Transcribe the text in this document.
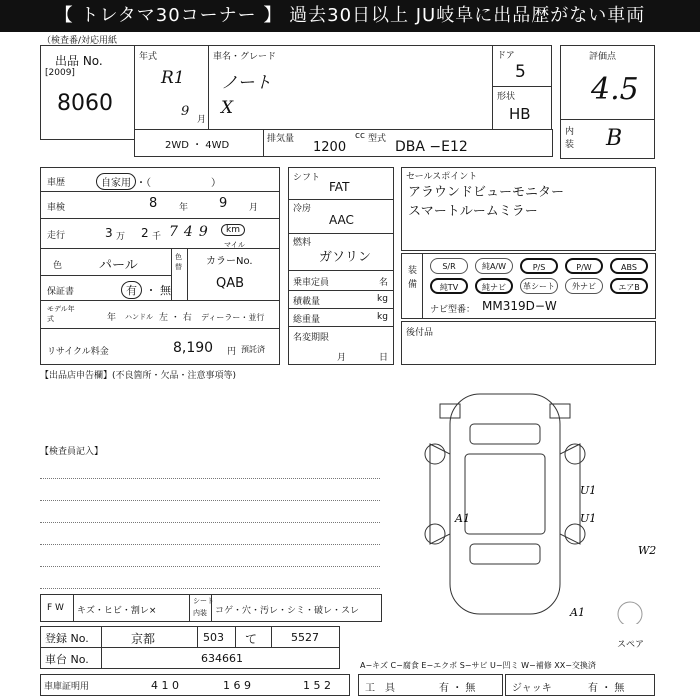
【 トレタマ30コーナー 】 過去30日以上 JU岐阜に出品歴がない車両
（検査番/対応用紙
出品 No.
[2009]
8060
年式
R1
9
月
車名・グレード
ノート
X
ドア
5
形状
HB
評価点
4.5
内装 B
2WD ・ 4WD
排気量
1200
cc 型式 DBA −E12
車歴	自家用 ・（　　　　　　）
車検	8 年 9 月
走行	3 万 2 千 749	km
マイル
色	パール
色替 カラーNo.
QAB
保証書	有 ・ 無
モデル年式	年 ハンドル 左 ・ 右 ディーラー・並行
リサイクル料金	8,190 円 預託済
シフト
FAT
冷房
AAC
燃料
ガソリン
乗車定員	名
積載量	kg
総重量	kg
名変期限
月	日
セールスポイント
アラウンドビューモニター
スマートルームミラー
装備
S/R	純A/W	P/S	P/W	ABS
純TV	純ナビ	革シート	外ナビ	エアB
ナビ型番： MM319D−W
後付品
【出品店申告欄】(不良箇所・欠品・注意事項等)
【検査員記入】
A1
U1
U1
W2
A1
スペア
F W キズ・ヒビ・割レ×
シート
内装 コゲ・穴・汚レ・シミ・破レ・スレ
登録 No.	京都	503 て	5527
車台 No.	634661
車庫証明用	4 1 0	1 6 9	1 5 2
A−キズ C−腐食 E−エクボ S−サビ U−凹ミ W−補修 XX−交換済
工　具	有 ・ 無	ジャッキ	有 ・ 無
